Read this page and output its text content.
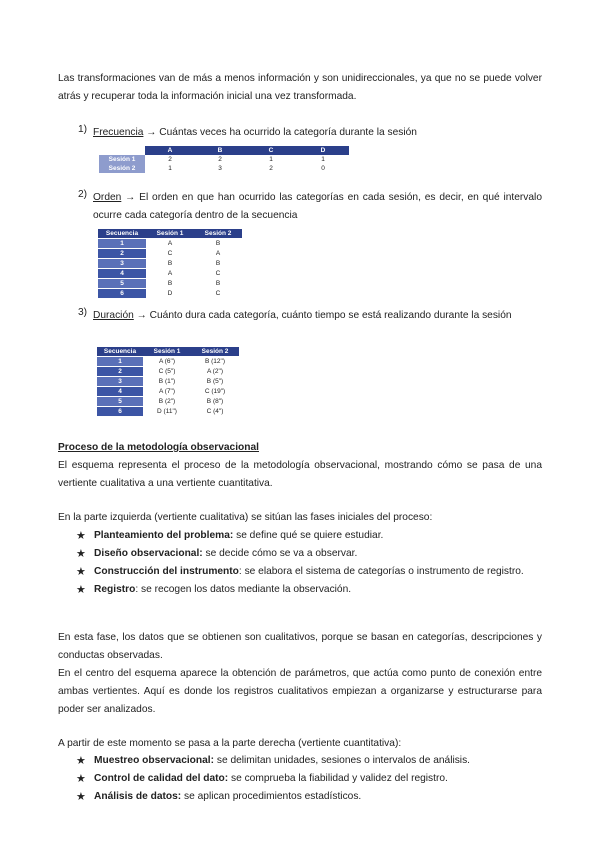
Las transformaciones van de más a menos información y son unidireccionales, ya que no se puede volver atrás y recuperar toda la información inicial una vez transformada.

1) Frecuencia → Cuántas veces ha ocurrido la categoría durante la sesión

	A	B	C	D
Sesión 1	2	2	1	1
Sesión 2	1	3	2	0
2) Orden → El orden en que han ocurrido las categorías en cada sesión, es decir, en qué intervalo ocurre cada categoría dentro de la secuencia

Secuencia	Sesión 1	Sesión 2
1	A	B
2	C	A
3	B	B
4	A	C
5	B	B
6	D	C
3) Duración → Cuánto dura cada categoría, cuánto tiempo se está realizando durante la sesión

Secuencia	Sesión 1	Sesión 2
1	A (6")	B (12")
2	C (5")	A (2")
3	B (1")	B (5")
4	A (7")	C (19")
5	B (2")	B (8")
6	D (11")	C (4")

Proceso de la metodología observacional

El esquema representa el proceso de la metodología observacional, mostrando cómo se pasa de una vertiente cualitativa a una vertiente cuantitativa.

En la parte izquierda (vertiente cualitativa) se sitúan las fases iniciales del proceso:

★ Planteamiento del problema: se define qué se quiere estudiar.
★ Diseño observacional: se decide cómo se va a observar.
★ Construcción del instrumento: se elabora el sistema de categorías o instrumento de registro.
★ Registro: se recogen los datos mediante la observación.

En esta fase, los datos que se obtienen son cualitativos, porque se basan en categorías, descripciones y conductas observadas.

En el centro del esquema aparece la obtención de parámetros, que actúa como punto de conexión entre ambas vertientes. Aquí es donde los registros cualitativos empiezan a organizarse y estructurarse para poder ser analizados.

A partir de este momento se pasa a la parte derecha (vertiente cuantitativa):

★ Muestreo observacional: se delimitan unidades, sesiones o intervalos de análisis.
★ Control de calidad del dato: se comprueba la fiabilidad y validez del registro.
★ Análisis de datos: se aplican procedimientos estadísticos.
